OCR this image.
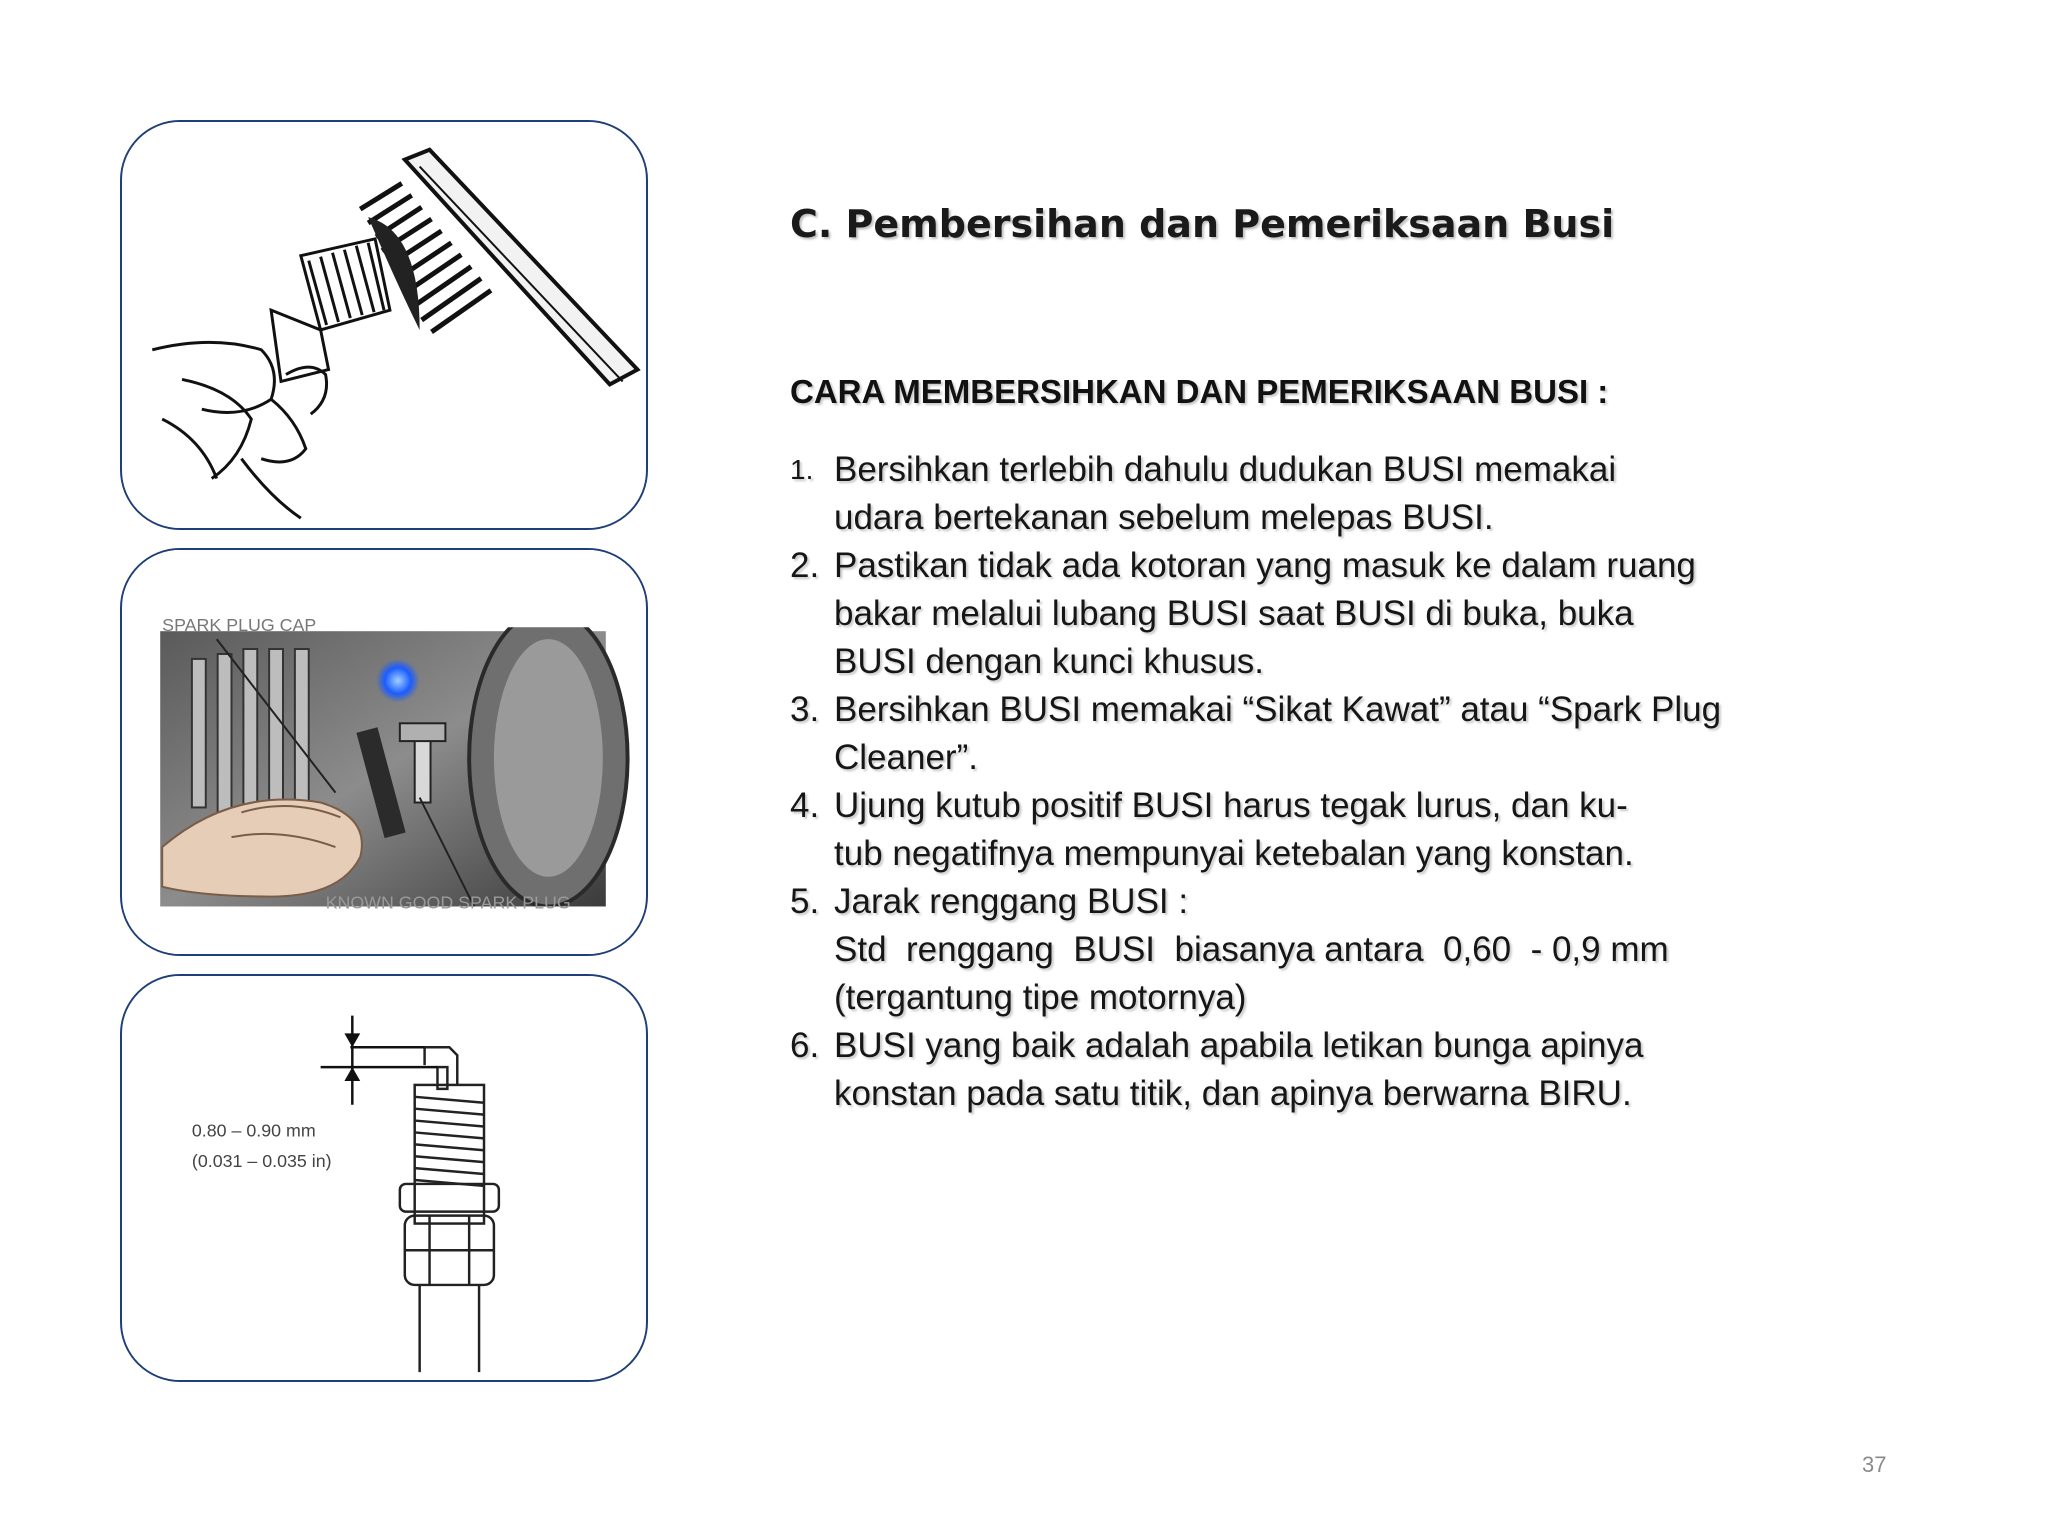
SPARK PLUG CAP
KNOWN GOOD SPARK PLUG
0.80 – 0.90 mm
(0.031 – 0.035 in)
C. Pembersihan dan Pemeriksaan Busi
CARA MEMBERSIHKAN DAN PEMERIKSAAN BUSI :
1. Bersihkan terlebih dahulu dudukan BUSI memakai
udara bertekanan sebelum melepas BUSI.
2. Pastikan tidak ada kotoran yang masuk ke dalam ruang
bakar melalui lubang BUSI saat BUSI di buka, buka
BUSI dengan kunci khusus.
3. Bersihkan BUSI memakai “Sikat Kawat” atau “Spark Plug
Cleaner”.
4. Ujung kutub positif BUSI harus tegak lurus, dan ku-
tub negatifnya mempunyai ketebalan yang konstan.
5. Jarak renggang BUSI :
Std  renggang  BUSI  biasanya antara  0,60  - 0,9 mm
(tergantung tipe motornya)
6. BUSI yang baik adalah apabila letikan bunga apinya
konstan pada satu titik, dan apinya berwarna BIRU.
37
